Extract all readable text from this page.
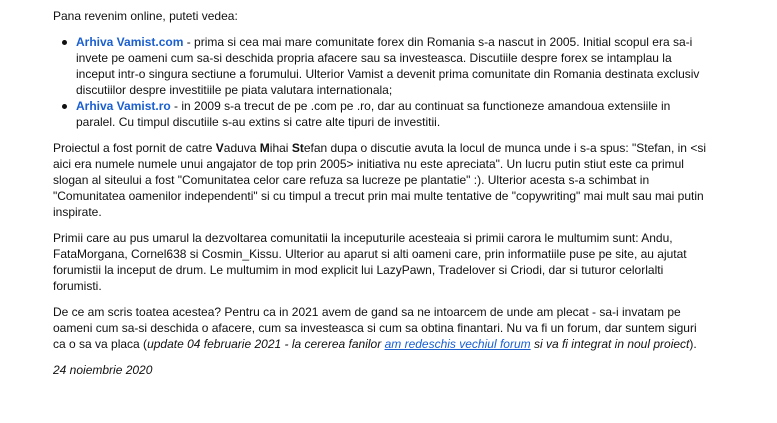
Pana revenim online, puteti vedea:

Arhiva Vamist.com - prima si cea mai mare comunitate forex din Romania s-a nascut in 2005. Initial scopul era sa-i invete pe oameni cum sa-si deschida propria afacere sau sa investeasca. Discutiile despre forex se intamplau la inceput intr-o singura sectiune a forumului. Ulterior Vamist a devenit prima comunitate din Romania destinata exclusiv discutiilor despre investitiile pe piata valutara internationala;
Arhiva Vamist.ro - in 2009 s-a trecut de pe .com pe .ro, dar au continuat sa functioneze amandoua extensiile in paralel. Cu timpul discutiile s-au extins si catre alte tipuri de investitii.

Proiectul a fost pornit de catre Vaduva Mihai Stefan dupa o discutie avuta la locul de munca unde i s-a spus: "Stefan, in <si aici era numele numele unui angajator de top prin 2005> initiativa nu este apreciata". Un lucru putin stiut este ca primul slogan al siteului a fost "Comunitatea celor care refuza sa lucreze pe plantatie" :). Ulterior acesta s-a schimbat in "Comunitatea oamenilor independenti" si cu timpul a trecut prin mai multe tentative de "copywriting" mai mult sau mai putin inspirate.

Primii care au pus umarul la dezvoltarea comunitatii la inceputurile acesteaia si primii carora le multumim sunt: Andu, FataMorgana, Cornel638 si Cosmin_Kissu. Ulterior au aparut si alti oameni care, prin informatiile puse pe site, au ajutat forumistii la inceput de drum. Le multumim in mod explicit lui LazyPawn, Tradelover si Criodi, dar si tuturor celorlalti forumisti.

De ce am scris toatea acestea? Pentru ca in 2021 avem de gand sa ne intoarcem de unde am plecat - sa-i invatam pe oameni cum sa-si deschida o afacere, cum sa investeasca si cum sa obtina finantari. Nu va fi un forum, dar suntem siguri ca o sa va placa (update 04 februarie 2021 - la cererea fanilor am redeschis vechiul forum si va fi integrat in noul proiect).

24 noiembrie 2020
